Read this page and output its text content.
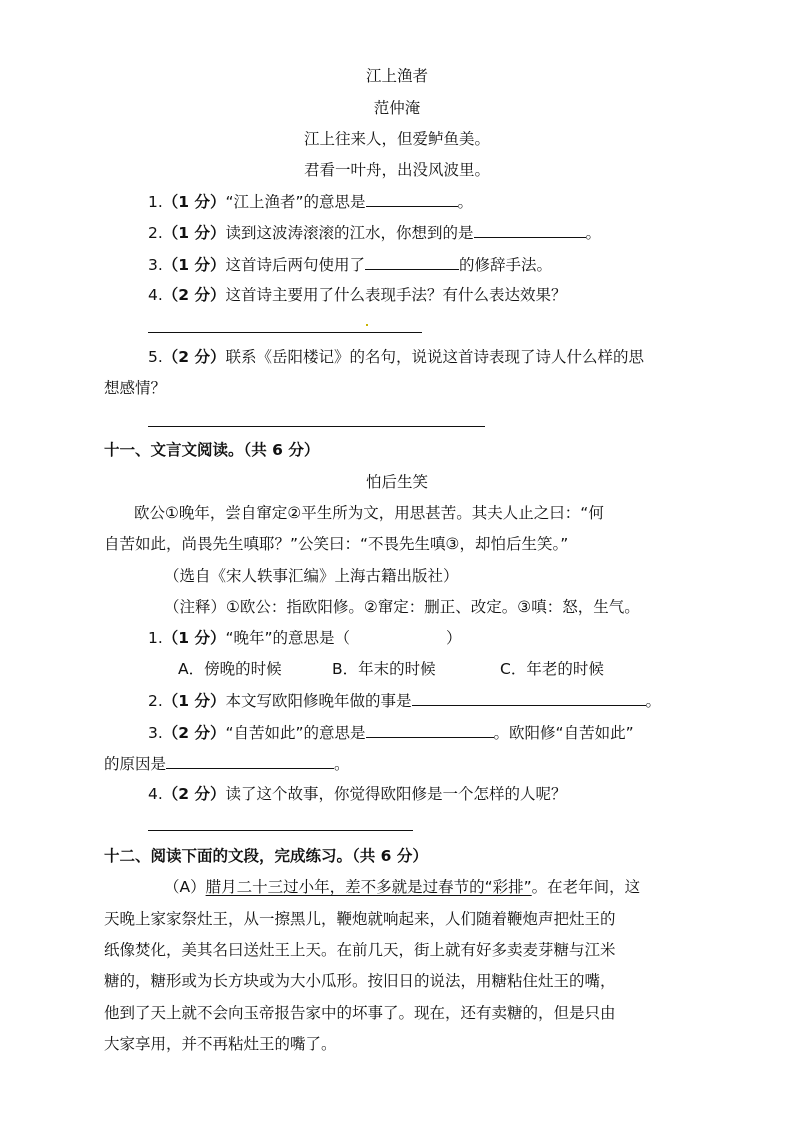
江上渔者
范仲淹
江上往来人，但爱鲈鱼美。
君看一叶舟，出没风波里。
1.（1 分）“江上渔者”的意思是	。
2.（1 分）读到这波涛滚滚的江水，你想到的是	。
3.（1 分）这首诗后两句使用了	的修辞手法。
4.（2 分）这首诗主要用了什么表现手法？有什么表达效果？
5.（2 分）联系《岳阳楼记》的名句，说说这首诗表现了诗人什么样的思
想感情？
十一、文言文阅读。（共 6 分）
怕后生笑
欧公①晚年，尝自窜定②平生所为文，用思甚苦。其夫人止之曰：“何
自苦如此，尚畏先生嗔耶？”公笑曰：“不畏先生嗔③，却怕后生笑。”
（选自《宋人轶事汇编》上海古籍出版社）
（注释）①欧公：指欧阳修。②窜定：删正、改定。③嗔：怒，生气。
1.（1 分）“晚年”的意思是（	）
A．傍晚的时候	B．年末的时候	C．年老的时候
2.（1 分）本文写欧阳修晚年做的事是	。
3.（2 分）“自苦如此”的意思是	。欧阳修“自苦如此”
的原因是	。
4.（2 分）读了这个故事，你觉得欧阳修是一个怎样的人呢？
十二、阅读下面的文段，完成练习。（共 6 分）
（A）腊月二十三过小年，差不多就是过春节的“彩排”。在老年间，这
天晚上家家祭灶王，从一擦黑儿，鞭炮就响起来，人们随着鞭炮声把灶王的
纸像焚化，美其名曰送灶王上天。在前几天，街上就有好多卖麦芽糖与江米
糖的，糖形或为长方块或为大小瓜形。按旧日的说法，用糖粘住灶王的嘴，
他到了天上就不会向玉帝报告家中的坏事了。现在，还有卖糖的，但是只由
大家享用，并不再粘灶王的嘴了。
